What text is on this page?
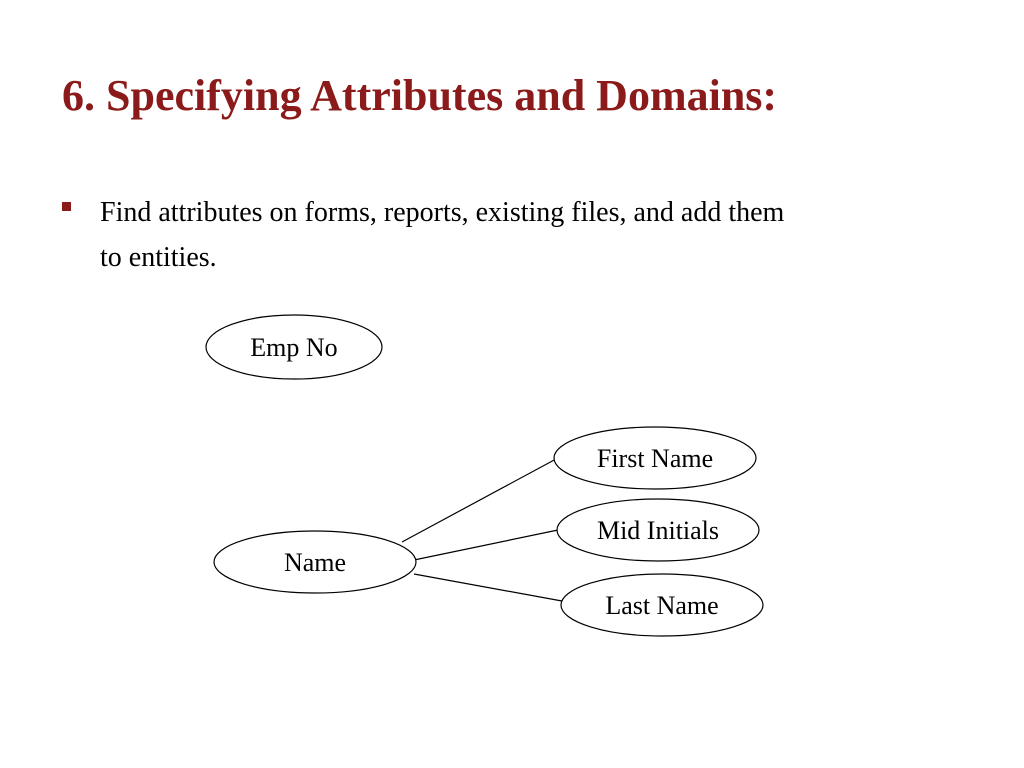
6. Specifying Attributes and Domains:
Find attributes on forms, reports, existing files, and add them
to entities.
Emp No
Name
First Name
Mid Initials
Last Name
